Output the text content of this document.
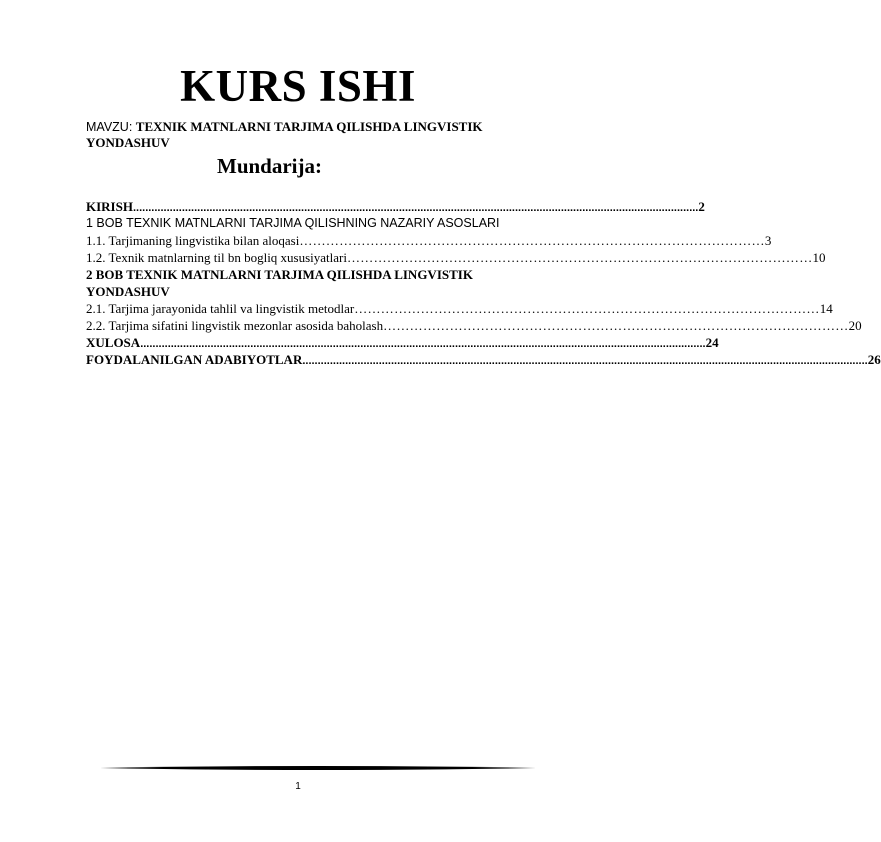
KURS ISHI
MAVZU: TEXNIK MATNLARNI TARJIMA QILISHDA LINGVISTIK YONDASHUV
Mundarija:
KIRISH ......................................................................................................................................................................................... 2
1 BOB TEXNIK MATNLARNI TARJIMA QILISHNING NAZARIY ASOSLARI
1.1. Tarjimaning lingvistika bilan aloqasi …………………………………………………………………………………………… 3
1.2. Texnik matnlarning til bn bogliq xususiyatlari …………………………………………………………………………………………… 10
2 BOB TEXNIK MATNLARNI TARJIMA QILISHDA LINGVISTIK YONDASHUV
2.1. Tarjima jarayonida tahlil va lingvistik metodlar …………………………………………………………………………………………… 14
2.2. Tarjima sifatini lingvistik mezonlar asosida baholash …………………………………………………………………………………………… 20
XULOSA ......................................................................................................................................................................................... 24
FOYDALANILGAN ADABIYOTLAR ......................................................................................................................................................................................... 26
1
